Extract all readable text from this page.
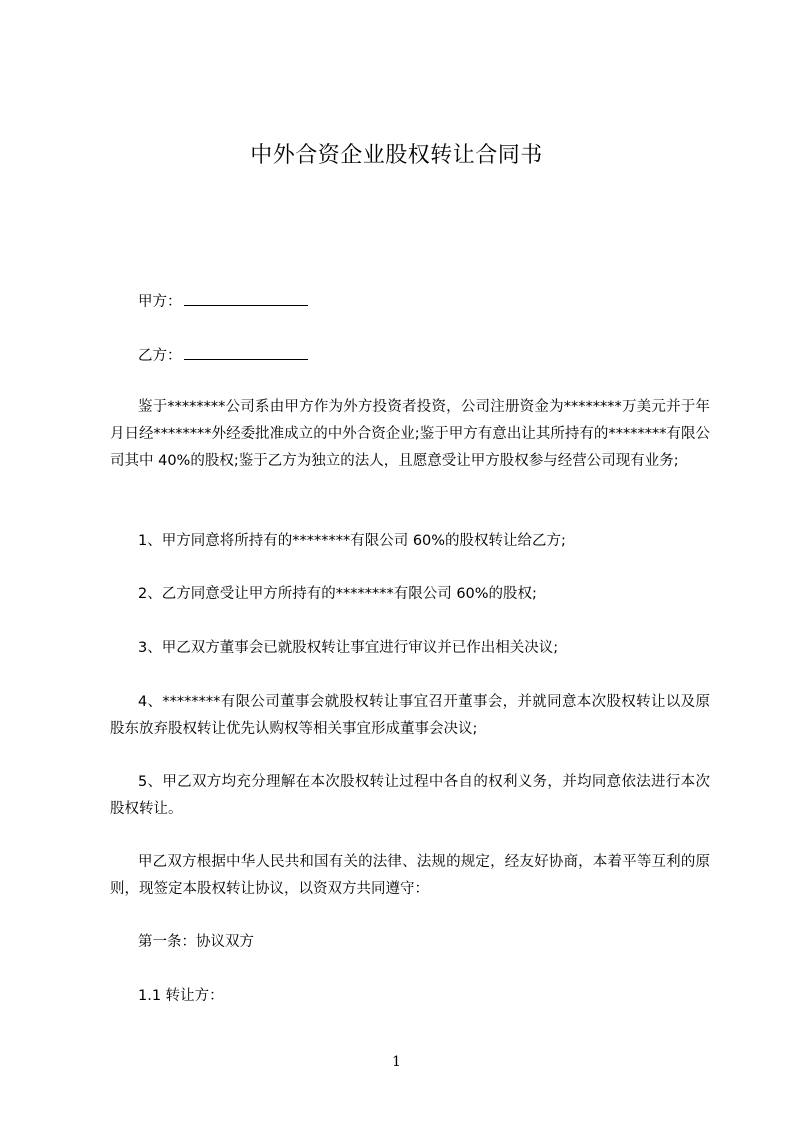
中外合资企业股权转让合同书
甲方：
乙方：

鉴于********公司系由甲方作为外方投资者投资，公司注册资金为********万美元并于年月日经********外经委批准成立的中外合资企业;鉴于甲方有意出让其所持有的********有限公司其中 40%的股权;鉴于乙方为独立的法人，且愿意受让甲方股权参与经营公司现有业务;

1、甲方同意将所持有的********有限公司 60%的股权转让给乙方;

2、乙方同意受让甲方所持有的********有限公司 60%的股权;

3、甲乙双方董事会已就股权转让事宜进行审议并已作出相关决议;

4、********有限公司董事会就股权转让事宜召开董事会，并就同意本次股权转让以及原股东放弃股权转让优先认购权等相关事宜形成董事会决议;

5、甲乙双方均充分理解在本次股权转让过程中各自的权利义务，并均同意依法进行本次股权转让。

甲乙双方根据中华人民共和国有关的法律、法规的规定，经友好协商，本着平等互利的原则，现签定本股权转让协议，以资双方共同遵守：

第一条：协议双方

1.1 转让方：

1
